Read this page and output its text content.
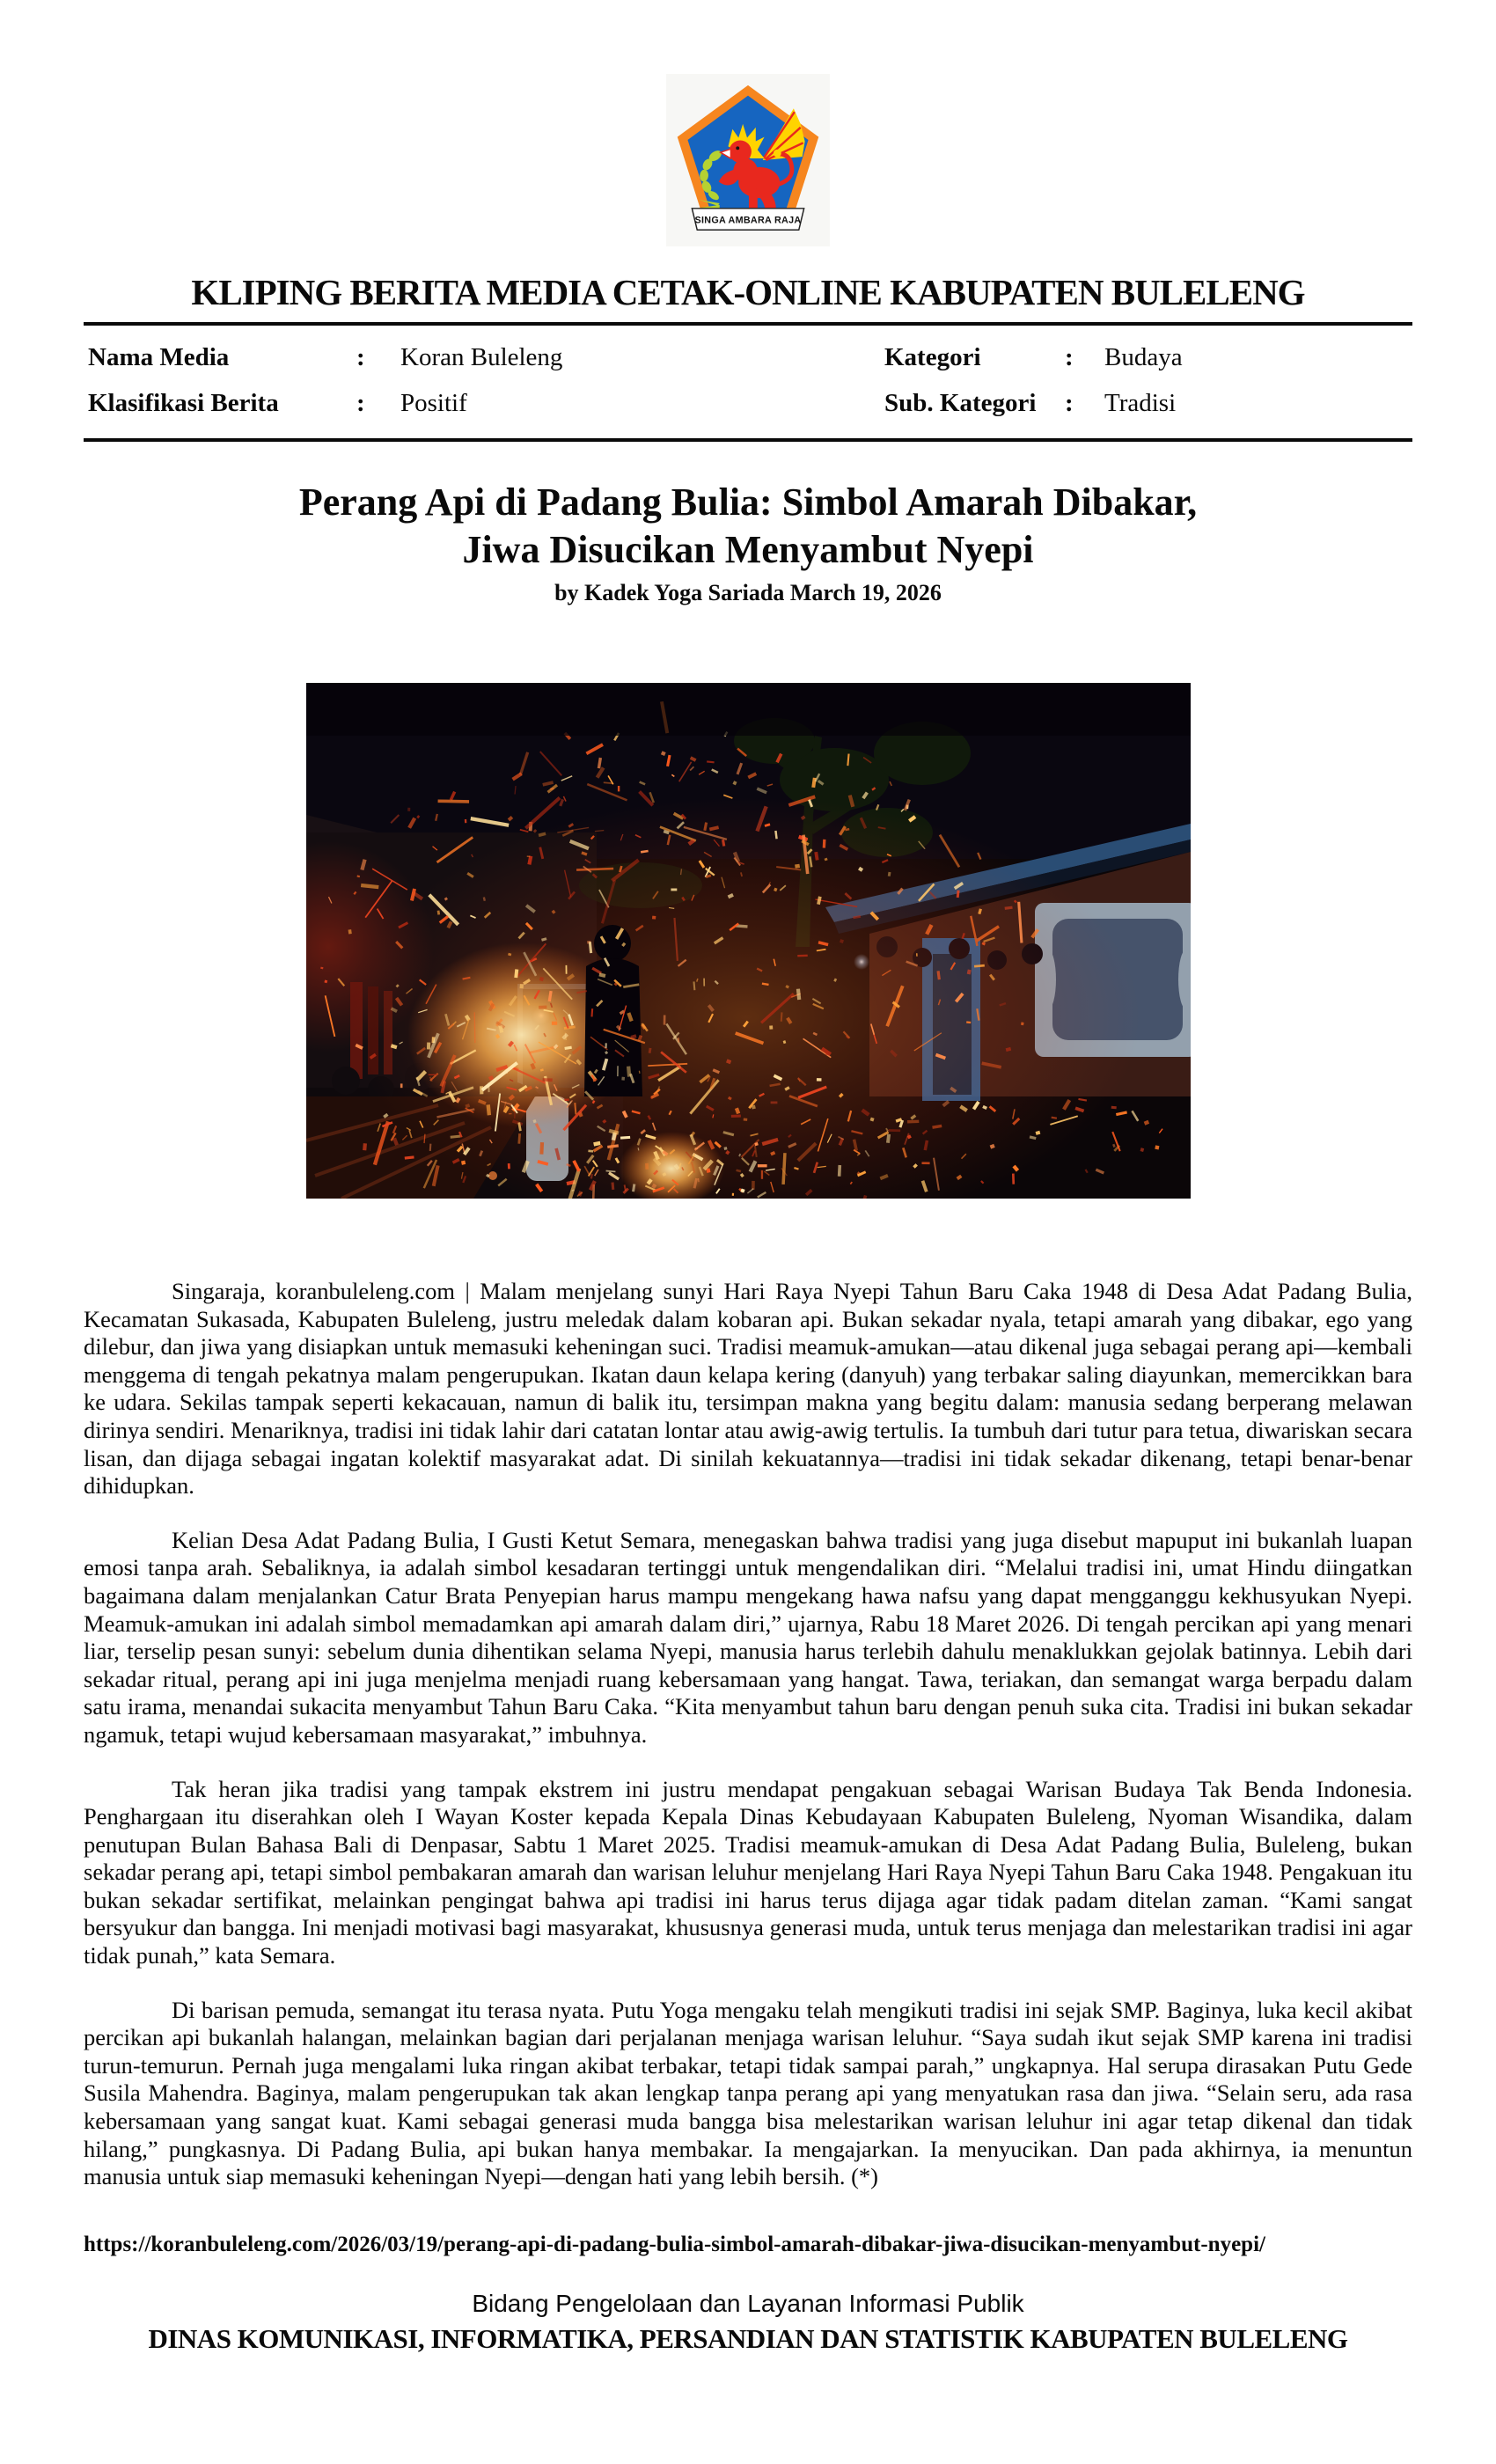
SINGA AMBARA RAJA
KLIPING BERITA MEDIA CETAK-ONLINE KABUPATEN BULELENG
Nama Media	:	Koran Buleleng	Kategori	:	Budaya
Klasifikasi Berita	:	Positif	Sub. Kategori	:	Tradisi
Perang Api di Padang Bulia: Simbol Amarah Dibakar,
Jiwa Disucikan Menyambut Nyepi
by Kadek Yoga Sariada March 19, 2026

Singaraja, koranbuleleng.com | Malam menjelang sunyi Hari Raya Nyepi Tahun Baru Caka 1948 di Desa Adat Padang Bulia, Kecamatan Sukasada, Kabupaten Buleleng, justru meledak dalam kobaran api. Bukan sekadar nyala, tetapi amarah yang dibakar, ego yang dilebur, dan jiwa yang disiapkan untuk memasuki keheningan suci. Tradisi meamuk-amukan—atau dikenal juga sebagai perang api—kembali menggema di tengah pekatnya malam pengerupukan. Ikatan daun kelapa kering (danyuh) yang terbakar saling diayunkan, memercikkan bara ke udara. Sekilas tampak seperti kekacauan, namun di balik itu, tersimpan makna yang begitu dalam: manusia sedang berperang melawan dirinya sendiri. Menariknya, tradisi ini tidak lahir dari catatan lontar atau awig-awig tertulis. Ia tumbuh dari tutur para tetua, diwariskan secara lisan, dan dijaga sebagai ingatan kolektif masyarakat adat. Di sinilah kekuatannya—tradisi ini tidak sekadar dikenang, tetapi benar-benar dihidupkan.

Kelian Desa Adat Padang Bulia, I Gusti Ketut Semara, menegaskan bahwa tradisi yang juga disebut mapuput ini bukanlah luapan emosi tanpa arah. Sebaliknya, ia adalah simbol kesadaran tertinggi untuk mengendalikan diri. “Melalui tradisi ini, umat Hindu diingatkan bagaimana dalam menjalankan Catur Brata Penyepian harus mampu mengekang hawa nafsu yang dapat mengganggu kekhusyukan Nyepi. Meamuk-amukan ini adalah simbol memadamkan api amarah dalam diri,” ujarnya, Rabu 18 Maret 2026. Di tengah percikan api yang menari liar, terselip pesan sunyi: sebelum dunia dihentikan selama Nyepi, manusia harus terlebih dahulu menaklukkan gejolak batinnya. Lebih dari sekadar ritual, perang api ini juga menjelma menjadi ruang kebersamaan yang hangat. Tawa, teriakan, dan semangat warga berpadu dalam satu irama, menandai sukacita menyambut Tahun Baru Caka. “Kita menyambut tahun baru dengan penuh suka cita. Tradisi ini bukan sekadar ngamuk, tetapi wujud kebersamaan masyarakat,” imbuhnya.

Tak heran jika tradisi yang tampak ekstrem ini justru mendapat pengakuan sebagai Warisan Budaya Tak Benda Indonesia. Penghargaan itu diserahkan oleh I Wayan Koster kepada Kepala Dinas Kebudayaan Kabupaten Buleleng, Nyoman Wisandika, dalam penutupan Bulan Bahasa Bali di Denpasar, Sabtu 1 Maret 2025. Tradisi meamuk-amukan di Desa Adat Padang Bulia, Buleleng, bukan sekadar perang api, tetapi simbol pembakaran amarah dan warisan leluhur menjelang Hari Raya Nyepi Tahun Baru Caka 1948. Pengakuan itu bukan sekadar sertifikat, melainkan pengingat bahwa api tradisi ini harus terus dijaga agar tidak padam ditelan zaman. “Kami sangat bersyukur dan bangga. Ini menjadi motivasi bagi masyarakat, khususnya generasi muda, untuk terus menjaga dan melestarikan tradisi ini agar tidak punah,” kata Semara.

Di barisan pemuda, semangat itu terasa nyata. Putu Yoga mengaku telah mengikuti tradisi ini sejak SMP. Baginya, luka kecil akibat percikan api bukanlah halangan, melainkan bagian dari perjalanan menjaga warisan leluhur. “Saya sudah ikut sejak SMP karena ini tradisi turun-temurun. Pernah juga mengalami luka ringan akibat terbakar, tetapi tidak sampai parah,” ungkapnya. Hal serupa dirasakan Putu Gede Susila Mahendra. Baginya, malam pengerupukan tak akan lengkap tanpa perang api yang menyatukan rasa dan jiwa. “Selain seru, ada rasa kebersamaan yang sangat kuat. Kami sebagai generasi muda bangga bisa melestarikan warisan leluhur ini agar tetap dikenal dan tidak hilang,” pungkasnya. Di Padang Bulia, api bukan hanya membakar. Ia mengajarkan. Ia menyucikan. Dan pada akhirnya, ia menuntun manusia untuk siap memasuki keheningan Nyepi—dengan hati yang lebih bersih. (*)

https://koranbuleleng.com/2026/03/19/perang-api-di-padang-bulia-simbol-amarah-dibakar-jiwa-disucikan-menyambut-nyepi/
Bidang Pengelolaan dan Layanan Informasi Publik
DINAS KOMUNIKASI, INFORMATIKA, PERSANDIAN DAN STATISTIK KABUPATEN BULELENG
